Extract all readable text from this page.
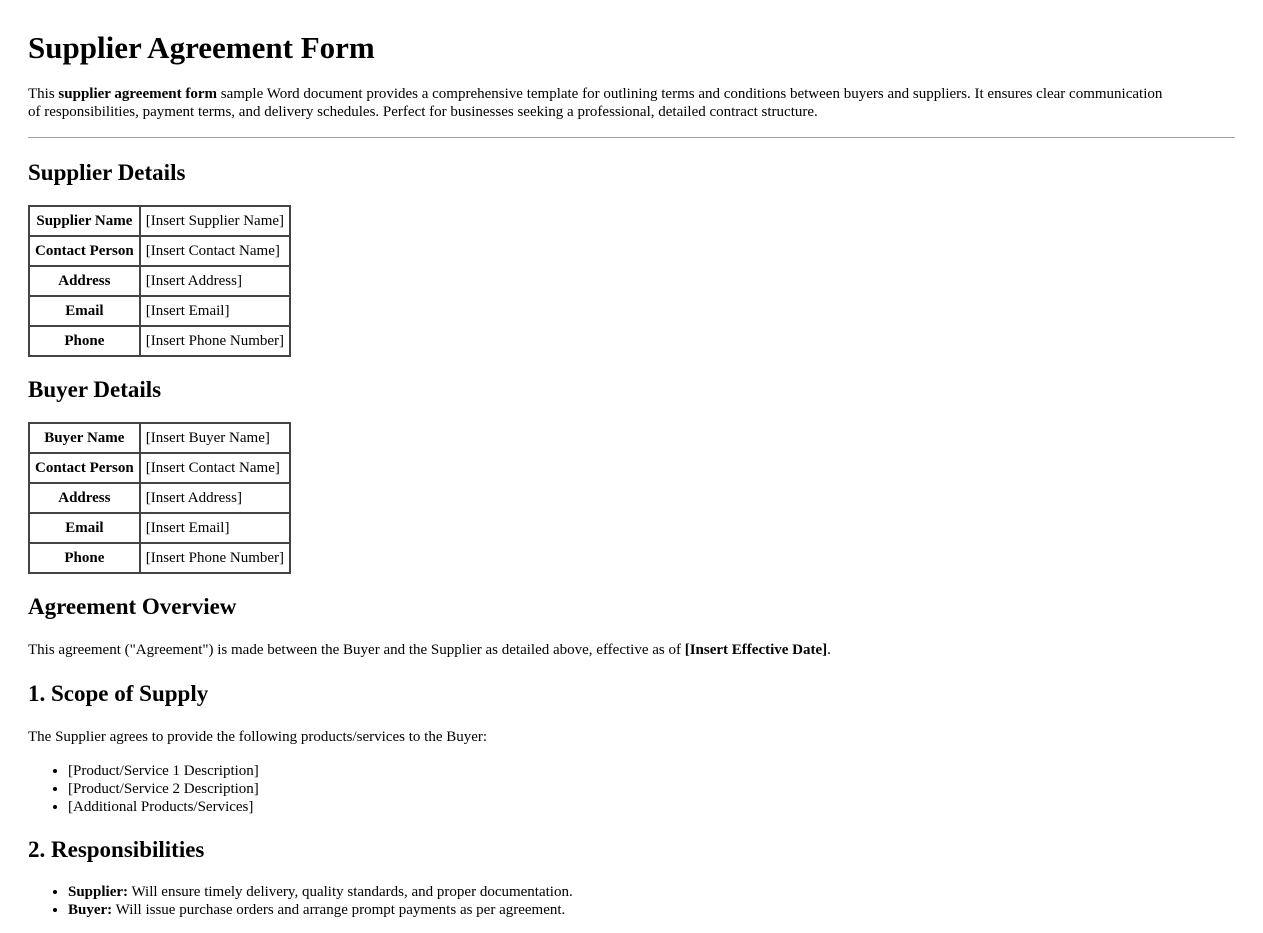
Supplier Agreement Form

This supplier agreement form sample Word document provides a comprehensive template for outlining terms and conditions between buyers and suppliers. It ensures clear communication of responsibilities, payment terms, and delivery schedules. Perfect for businesses seeking a professional, detailed contract structure.

Supplier Details
Supplier Name	[Insert Supplier Name]
Contact Person	[Insert Contact Name]
Address	[Insert Address]
Email	[Insert Email]
Phone	[Insert Phone Number]
Buyer Details
Buyer Name	[Insert Buyer Name]
Contact Person	[Insert Contact Name]
Address	[Insert Address]
Email	[Insert Email]
Phone	[Insert Phone Number]
Agreement Overview

This agreement ("Agreement") is made between the Buyer and the Supplier as detailed above, effective as of [Insert Effective Date].

1. Scope of Supply

The Supplier agrees to provide the following products/services to the Buyer:

• [Product/Service 1 Description]
• [Product/Service 2 Description]
• [Additional Products/Services]
2. Responsibilities
• Supplier: Will ensure timely delivery, quality standards, and proper documentation.
• Buyer: Will issue purchase orders and arrange prompt payments as per agreement.
